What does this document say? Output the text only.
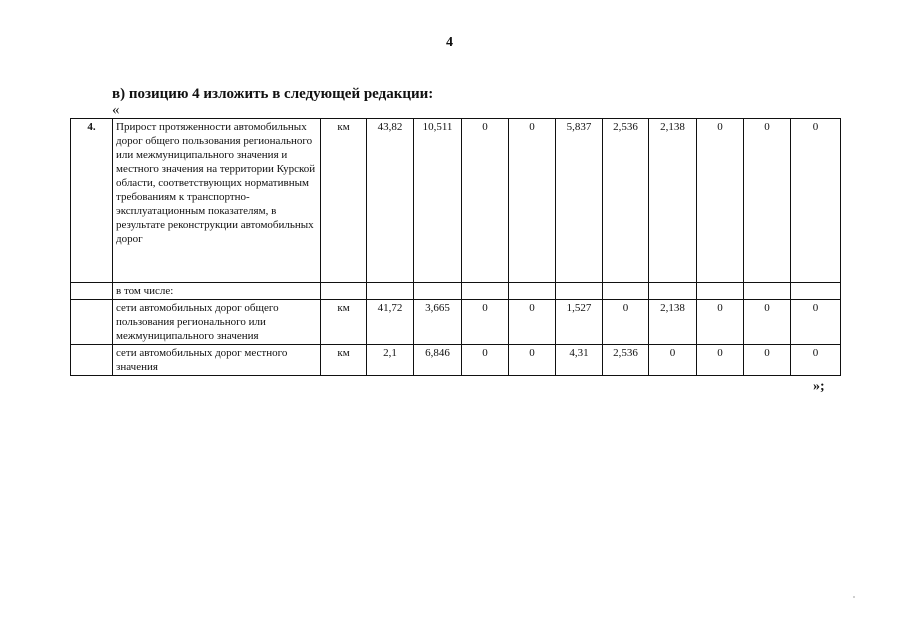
4
в) позицию 4 изложить в следующей редакции:
«
4.	Прирост протяженности автомобильных дорог общего пользования регионального или межмуниципального значения и местного значения на территории Курской области, соответствующих нормативным требованиям к транспортно-эксплуатационным показателям, в результате реконструкции автомобильных дорог	км	43,82	10,511	0	0	5,837	2,536	2,138	0	0	0
	в том числе:											
	сети автомобильных дорог общего пользования регионального или межмуниципального значения	км	41,72	3,665	0	0	1,527	0	2,138	0	0	0
	сети автомобильных дорог местного значения	км	2,1	6,846	0	0	4,31	2,536	0	0	0	0
»;
